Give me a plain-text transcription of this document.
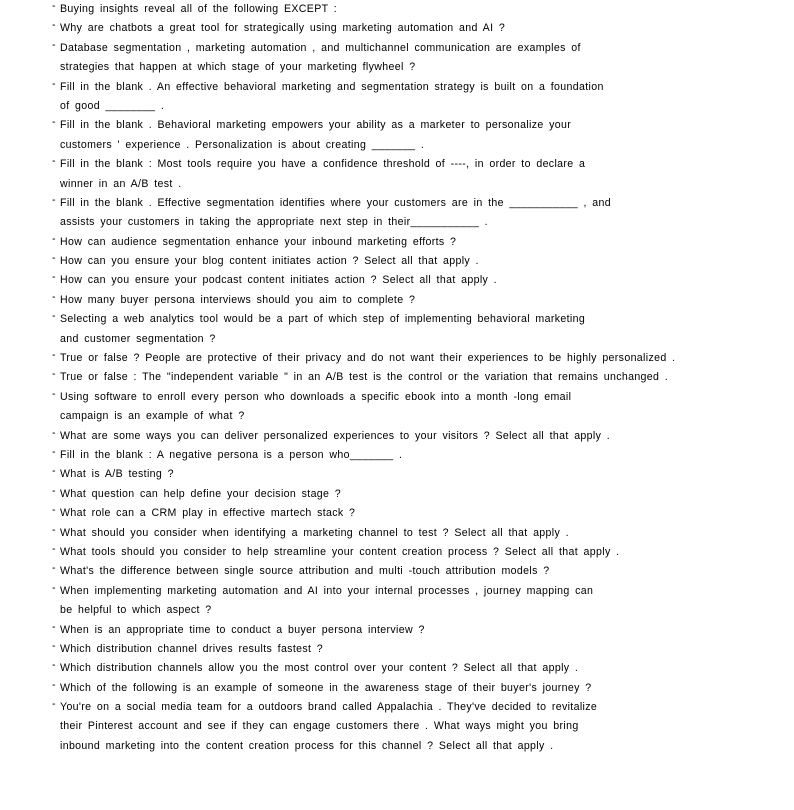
- Buying insights reveal all of the following EXCEPT :
- Why are chatbots a great tool for strategically using marketing automation and AI ?
- Database segmentation , marketing automation , and multichannel communication are examples of
strategies that happen at which stage of your marketing flywheel ?
- Fill in the blank . An effective behavioral marketing and segmentation strategy is built on a foundation
of good ________ .
- Fill in the blank . Behavioral marketing empowers your ability as a marketer to personalize your
customers ' experience . Personalization is about creating _______ .
- Fill in the blank : Most tools require you have a confidence threshold of ----, in order to declare a
winner in an A/B test .
- Fill in the blank . Effective segmentation identifies where your customers are in the ___________ , and
assists your customers in taking the appropriate next step in their___________ .
- How can audience segmentation enhance your inbound marketing efforts ?
- How can you ensure your blog content initiates action ? Select all that apply .
- How can you ensure your podcast content initiates action ? Select all that apply .
- How many buyer persona interviews should you aim to complete ?
- Selecting a web analytics tool would be a part of which step of implementing behavioral marketing
and customer segmentation ?
- True or false ? People are protective of their privacy and do not want their experiences to be highly personalized .
- True or false : The "independent variable " in an A/B test is the control or the variation that remains unchanged .
- Using software to enroll every person who downloads a specific ebook into a month -long email
campaign is an example of what ?
- What are some ways you can deliver personalized experiences to your visitors ? Select all that apply .
- Fill in the blank : A negative persona is a person who_______ .
- What is A/B testing ?
- What question can help define your decision stage ?
- What role can a CRM play in effective martech stack ?
- What should you consider when identifying a marketing channel to test ? Select all that apply .
- What tools should you consider to help streamline your content creation process ? Select all that apply .
- What's the difference between single source attribution and multi -touch attribution models ?
- When implementing marketing automation and AI into your internal processes , journey mapping can
be helpful to which aspect ?
- When is an appropriate time to conduct a buyer persona interview ?
- Which distribution channel drives results fastest ?
- Which distribution channels allow you the most control over your content ? Select all that apply .
- Which of the following is an example of someone in the awareness stage of their buyer's journey ?
- You're on a social media team for a outdoors brand called Appalachia . They've decided to revitalize
their Pinterest account and see if they can engage customers there . What ways might you bring
inbound marketing into the content creation process for this channel ? Select all that apply .
